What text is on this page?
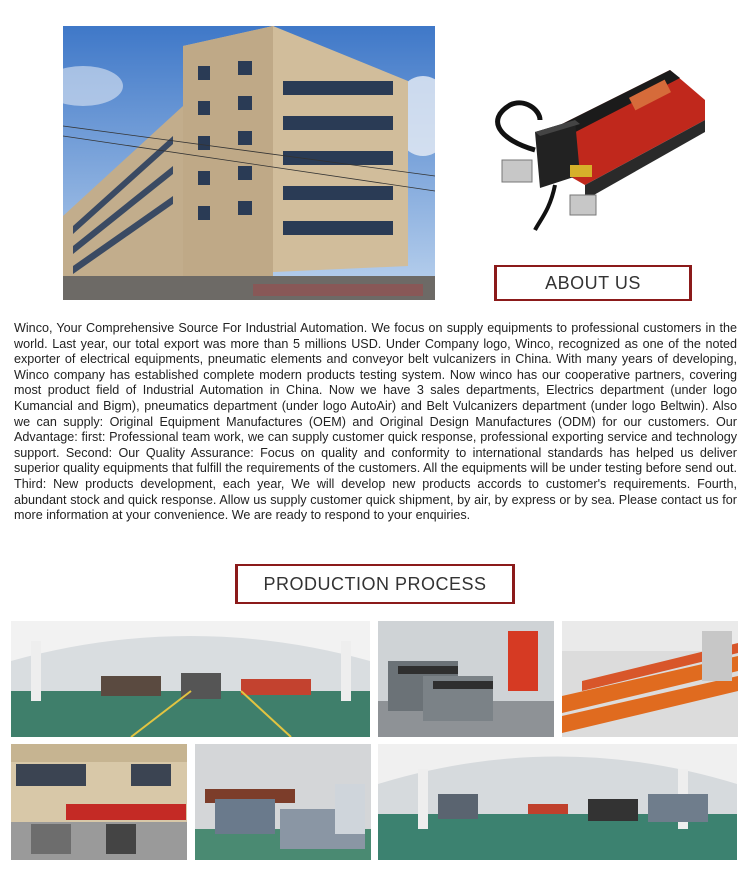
ABOUT US

Winco, Your Comprehensive Source For Industrial Automation. We focus on supply equipments to professional customers in the world. Last year, our total export was more than 5 millions USD. Under Company logo, Winco, recognized as one of the noted exporter of electrical equipments, pneumatic elements and conveyor belt vulcanizers in China. With many years of developing, Winco company has established complete modern products testing system. Now winco has our cooperative partners, covering most product field of Industrial Automation in China. Now we have 3 sales departments, Electrics department (under logo Kumancial and Bigm), pneumatics department (under logo AutoAir) and Belt Vulcanizers department (under logo Beltwin). Also we can supply: Original Equipment Manufactures (OEM) and Original Design Manufactures (ODM) for our customers. Our Advantage: first: Professional team work, we can supply customer quick response, professional exporting service and technology support. Second: Our Quality Assurance: Focus on quality and conformity to international standards has helped us deliver superior quality equipments that fulfill the requirements of the customers. All the equipments will be under testing before send out. Third: New products development, each year, We will develop new products accords to customer's requirements. Fourth, abundant stock and quick response. Allow us supply customer quick shipment, by air, by express or by sea. Please contact us for more information at your convenience. We are ready to respond to your enquiries.

PRODUCTION PROCESS
